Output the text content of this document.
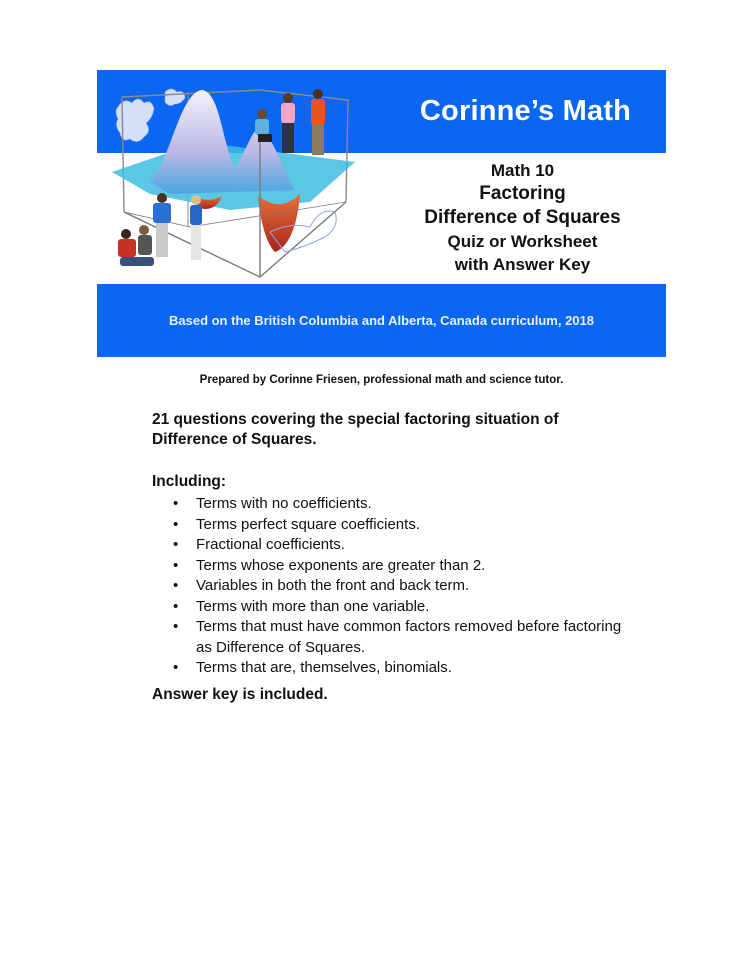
Corinne’s Math
Math 10
Factoring
Difference of Squares
Quiz or Worksheet
with Answer Key
Based on the British Columbia and Alberta, Canada curriculum, 2018
Prepared by Corinne Friesen, professional math and science tutor.

21 questions covering the special factoring situation of Difference of Squares.

Including:
• Terms with no coefficients.
• Terms perfect square coefficients.
• Fractional coefficients.
• Terms whose exponents are greater than 2.
• Variables in both the front and back term.
• Terms with more than one variable.
• Terms that must have common factors removed before factoring as Difference of Squares.
• Terms that are, themselves, binomials.
Answer key is included.
